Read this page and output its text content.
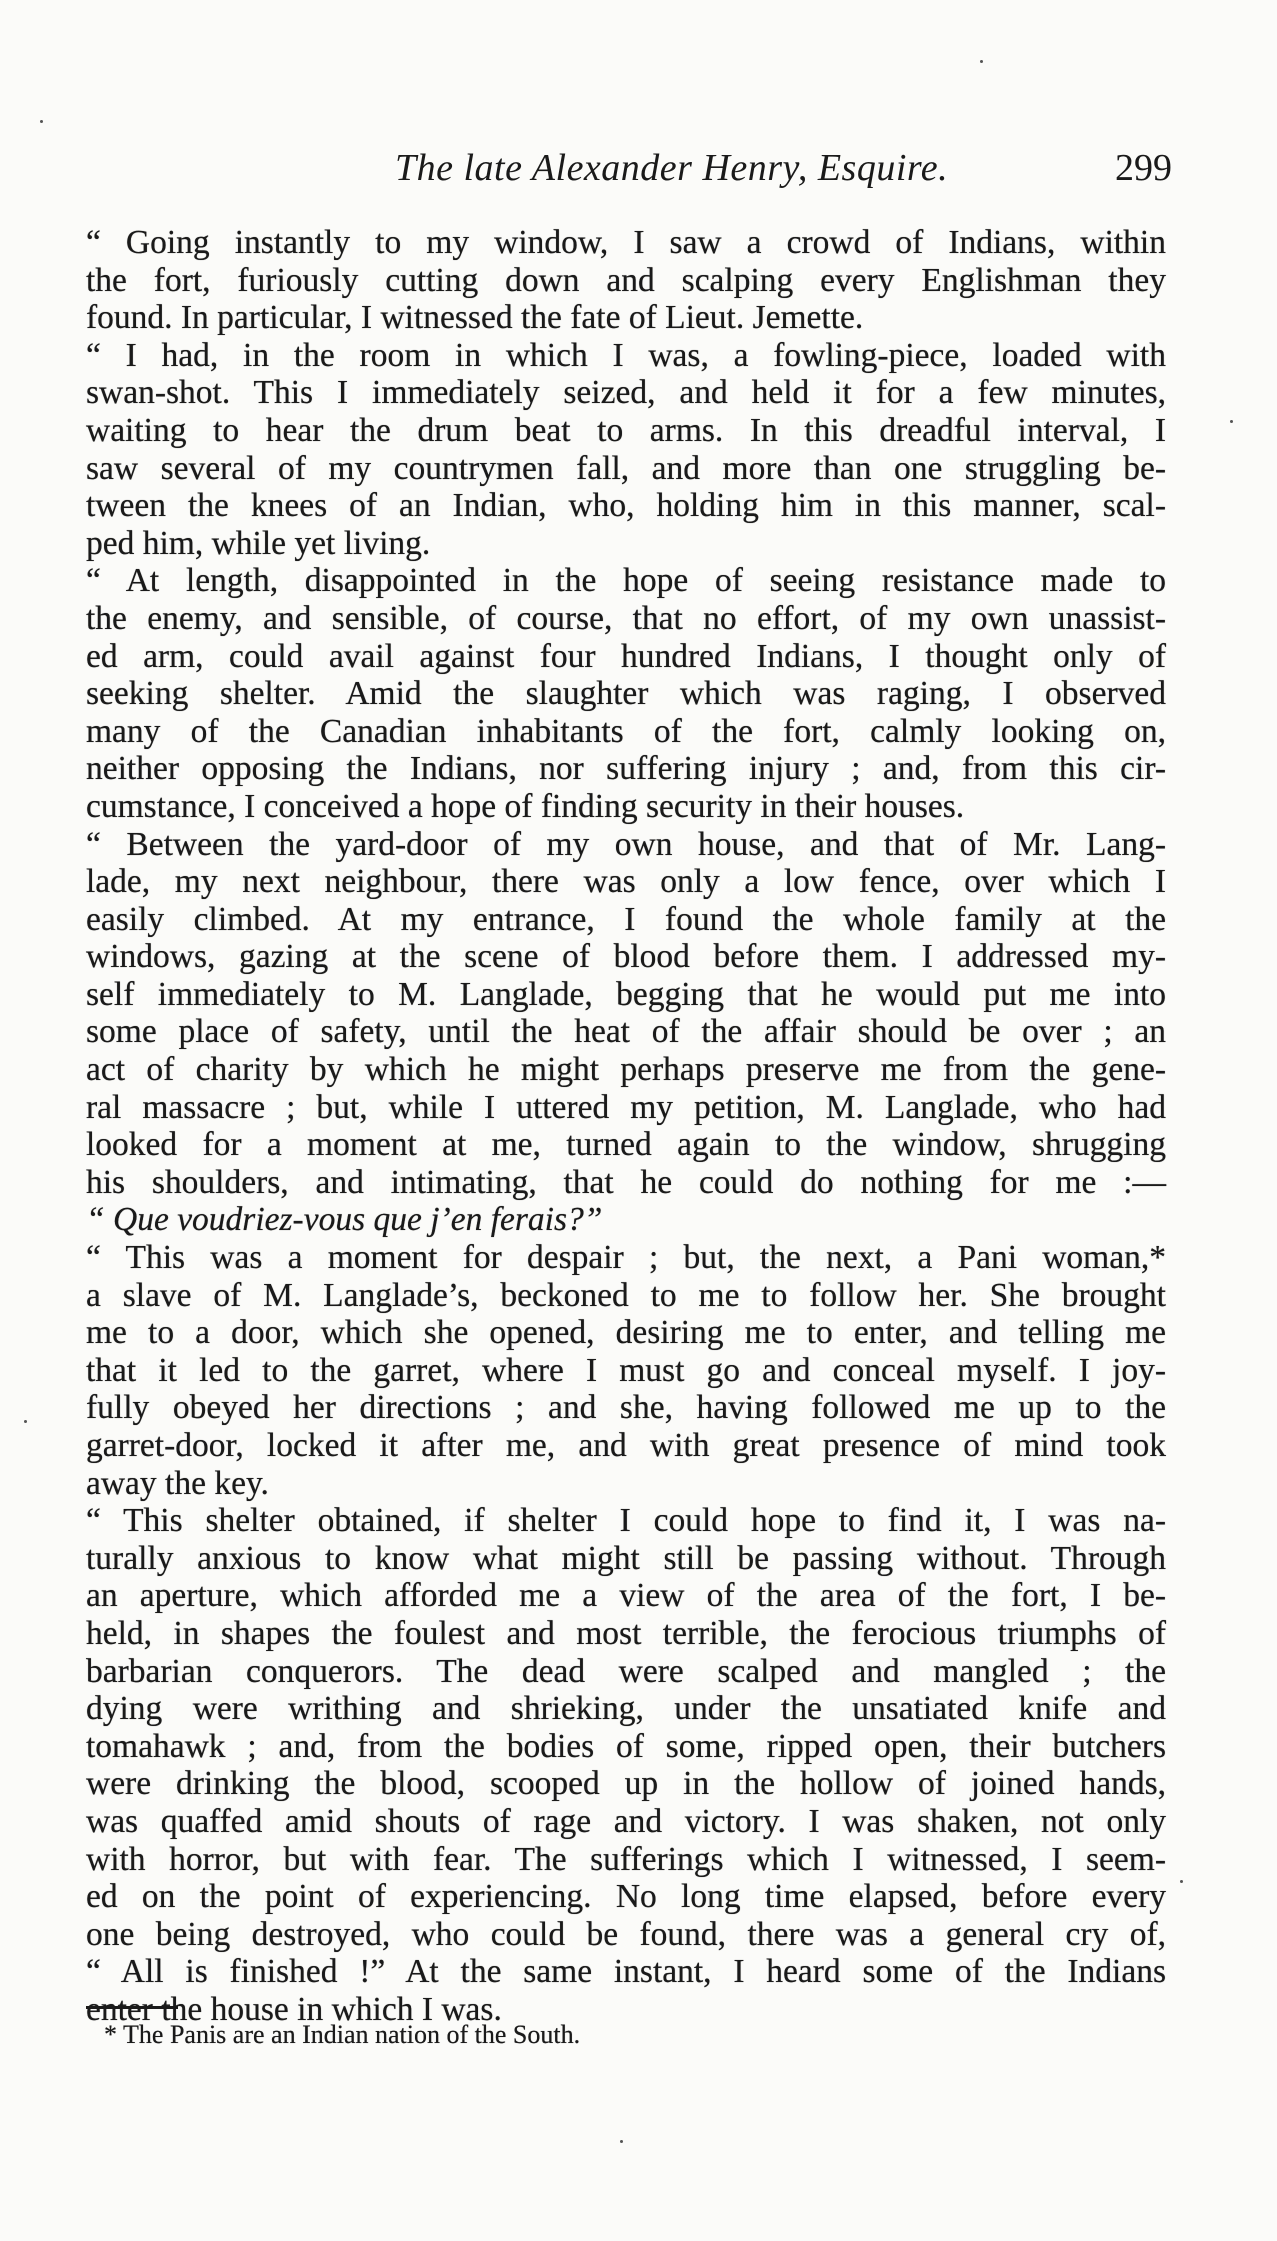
The late Alexander Henry, Esquire.	299
“ Going instantly to my window, I saw a crowd of Indians, within
the fort, furiously cutting down and scalping every Englishman they
found. In particular, I witnessed the fate of Lieut. Jemette.
“ I had, in the room in which I was, a fowling-piece, loaded with
swan-shot. This I immediately seized, and held it for a few minutes,
waiting to hear the drum beat to arms. In this dreadful interval, I
saw several of my countrymen fall, and more than one struggling be-
tween the knees of an Indian, who, holding him in this manner, scal-
ped him, while yet living.
“ At length, disappointed in the hope of seeing resistance made to
the enemy, and sensible, of course, that no effort, of my own unassist-
ed arm, could avail against four hundred Indians, I thought only of
seeking shelter. Amid the slaughter which was raging, I observed
many of the Canadian inhabitants of the fort, calmly looking on,
neither opposing the Indians, nor suffering injury ; and, from this cir-
cumstance, I conceived a hope of finding security in their houses.
“ Between the yard-door of my own house, and that of Mr. Lang-
lade, my next neighbour, there was only a low fence, over which I
easily climbed. At my entrance, I found the whole family at the
windows, gazing at the scene of blood before them. I addressed my-
self immediately to M. Langlade, begging that he would put me into
some place of safety, until the heat of the affair should be over ; an
act of charity by which he might perhaps preserve me from the gene-
ral massacre ; but, while I uttered my petition, M. Langlade, who had
looked for a moment at me, turned again to the window, shrugging
his shoulders, and intimating, that he could do nothing for me :—
“ Que voudriez-vous que j’en ferais?”
“ This was a moment for despair ; but, the next, a Pani woman,*
a slave of M. Langlade’s, beckoned to me to follow her. She brought
me to a door, which she opened, desiring me to enter, and telling me
that it led to the garret, where I must go and conceal myself. I joy-
fully obeyed her directions ; and she, having followed me up to the
garret-door, locked it after me, and with great presence of mind took
away the key.
“ This shelter obtained, if shelter I could hope to find it, I was na-
turally anxious to know what might still be passing without. Through
an aperture, which afforded me a view of the area of the fort, I be-
held, in shapes the foulest and most terrible, the ferocious triumphs of
barbarian conquerors. The dead were scalped and mangled ; the
dying were writhing and shrieking, under the unsatiated knife and
tomahawk ; and, from the bodies of some, ripped open, their butchers
were drinking the blood, scooped up in the hollow of joined hands,
was quaffed amid shouts of rage and victory. I was shaken, not only
with horror, but with fear. The sufferings which I witnessed, I seem-
ed on the point of experiencing. No long time elapsed, before every
one being destroyed, who could be found, there was a general cry of,
“ All is finished !” At the same instant, I heard some of the Indians
enter the house in which I was.
* The Panis are an Indian nation of the South.
